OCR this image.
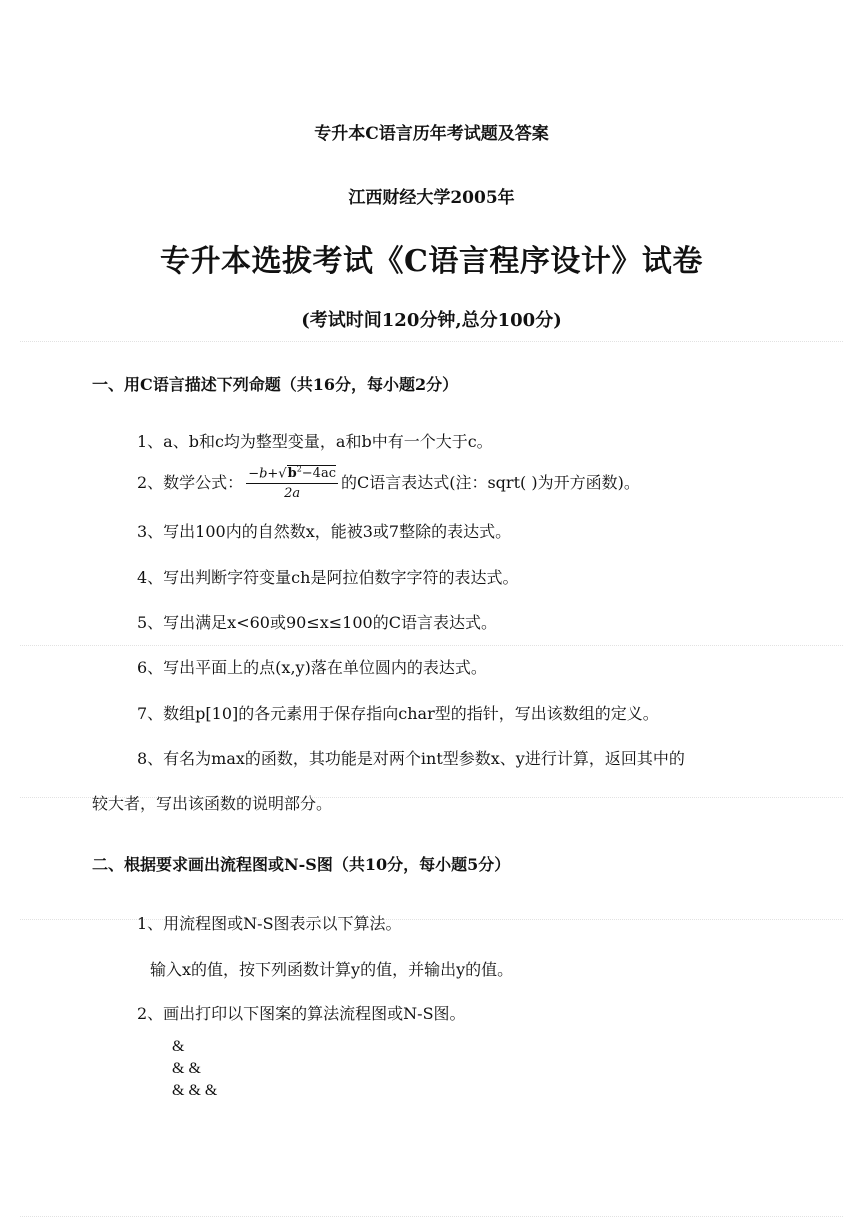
专升本C语言历年考试题及答案
江西财经大学2005年
专升本选拔考试《C语言程序设计》试卷
(考试时间120分钟,总分100分)
一、用C语言描述下列命题（共16分，每小题2分）
1、a、b和c均为整型变量，a和b中有一个大于c。
2、数学公式： $\frac{-b+√b^2-4ac}{2a}$ 的C语言表达式(注：sqrt( )为开方函数)。
3、写出100内的自然数x，能被3或7整除的表达式。
4、写出判断字符变量ch是阿拉伯数字字符的表达式。
5、写出满足x<60或90≤x≤100的C语言表达式。
6、写出平面上的点(x,y)落在单位圆内的表达式。
7、数组p[10]的各元素用于保存指向char型的指针，写出该数组的定义。
8、有名为max的函数，其功能是对两个int型参数x、y进行计算，返回其中的
较大者，写出该函数的说明部分。
二、根据要求画出流程图或N-S图（共10分，每小题5分）
1、用流程图或N-S图表示以下算法。
输入x的值，按下列函数计算y的值，并输出y的值。
2、画出打印以下图案的算法流程图或N-S图。
&
& &
& & &
